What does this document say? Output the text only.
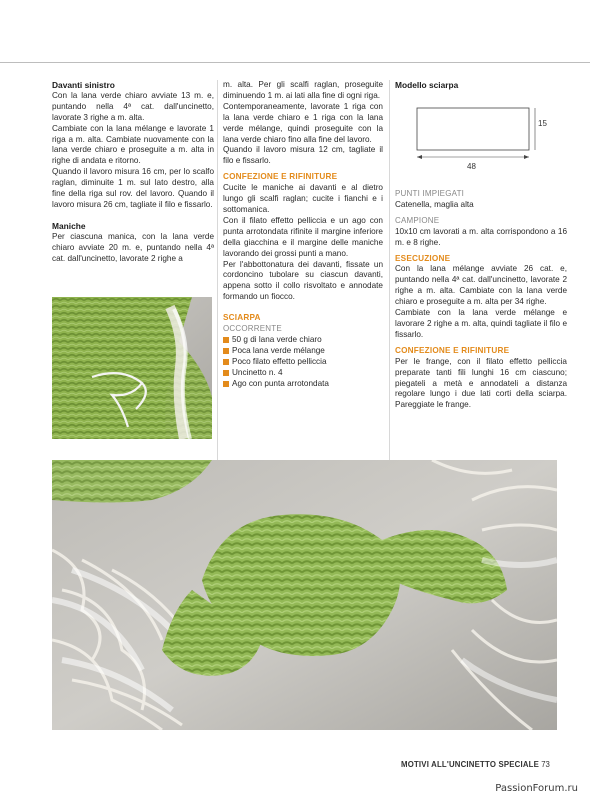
Davanti sinistro

Con la lana verde chiaro avviate 13 m. e, puntando nella 4ª cat. dall'uncinetto, lavorate 3 righe a m. alta.

Cambiate con la lana mélange e lavorate 1 riga a m. alta. Cambiate nuovamente con la lana verde chiaro e proseguite a m. alta in righe di andata e ritorno.

Quando il lavoro misura 16 cm, per lo scalfo raglan, diminuite 1 m. sul lato destro, alla fine della riga sul rov. del lavoro. Quando il lavoro misura 26 cm, tagliate il filo e fissarlo.

Maniche

Per ciascuna manica, con la lana verde chiaro avviate 20 m. e, puntando nella 4ª cat. dall'uncinetto, lavorate 2 righe a

m. alta. Per gli scalfi raglan, proseguite diminuendo 1 m. ai lati alla fine di ogni riga.

Contemporaneamente, lavorate 1 riga con la lana verde chiaro e 1 riga con la lana verde mélange, quindi proseguite con la lana verde chiaro fino alla fine del lavoro.

Quando il lavoro misura 12 cm, tagliate il filo e fissarlo.

CONFEZIONE E RIFINITURE

Cucite le maniche ai davanti e al dietro lungo gli scalfi raglan; cucite i fianchi e i sottomanica.

Con il filato effetto pelliccia e un ago con punta arrotondata rifinite il margine inferiore della giacchina e il margine delle maniche lavorando dei grossi punti a mano.

Per l'abbottonatura dei davanti, fissate un cordoncino tubolare su ciascun davanti, appena sotto il collo risvoltato e annodate formando un fiocco.

SCIARPA

OCCORRENTE

50 g di lana verde chiaro
Poca lana verde mélange
Poco filato effetto pelliccia
Uncinetto n. 4
Ago con punta arrotondata

Modello sciarpa

15
48

PUNTI IMPIEGATI

Catenella, maglia alta

CAMPIONE

10x10 cm lavorati a m. alta corrispondono a 16 m. e 8 righe.

ESECUZIONE

Con la lana mélange avviate 26 cat. e, puntando nella 4ª cat. dall'uncinetto, lavorate 2 righe a m. alta. Cambiate con la lana verde chiaro e proseguite a m. alta per 34 righe.

Cambiate con la lana verde mélange e lavorare 2 righe a m. alta, quindi tagliate il filo e fissarlo.

CONFEZIONE E RIFINITURE

Per le frange, con il filato effetto pelliccia preparate tanti fili lunghi 16 cm ciascuno; piegateli a metà e annodateli a distanza regolare lungo i due lati corti della sciarpa. Pareggiate le frange.

MOTIVI ALL'UNCINETTO SPECIALE 73
PassionForum.ru
